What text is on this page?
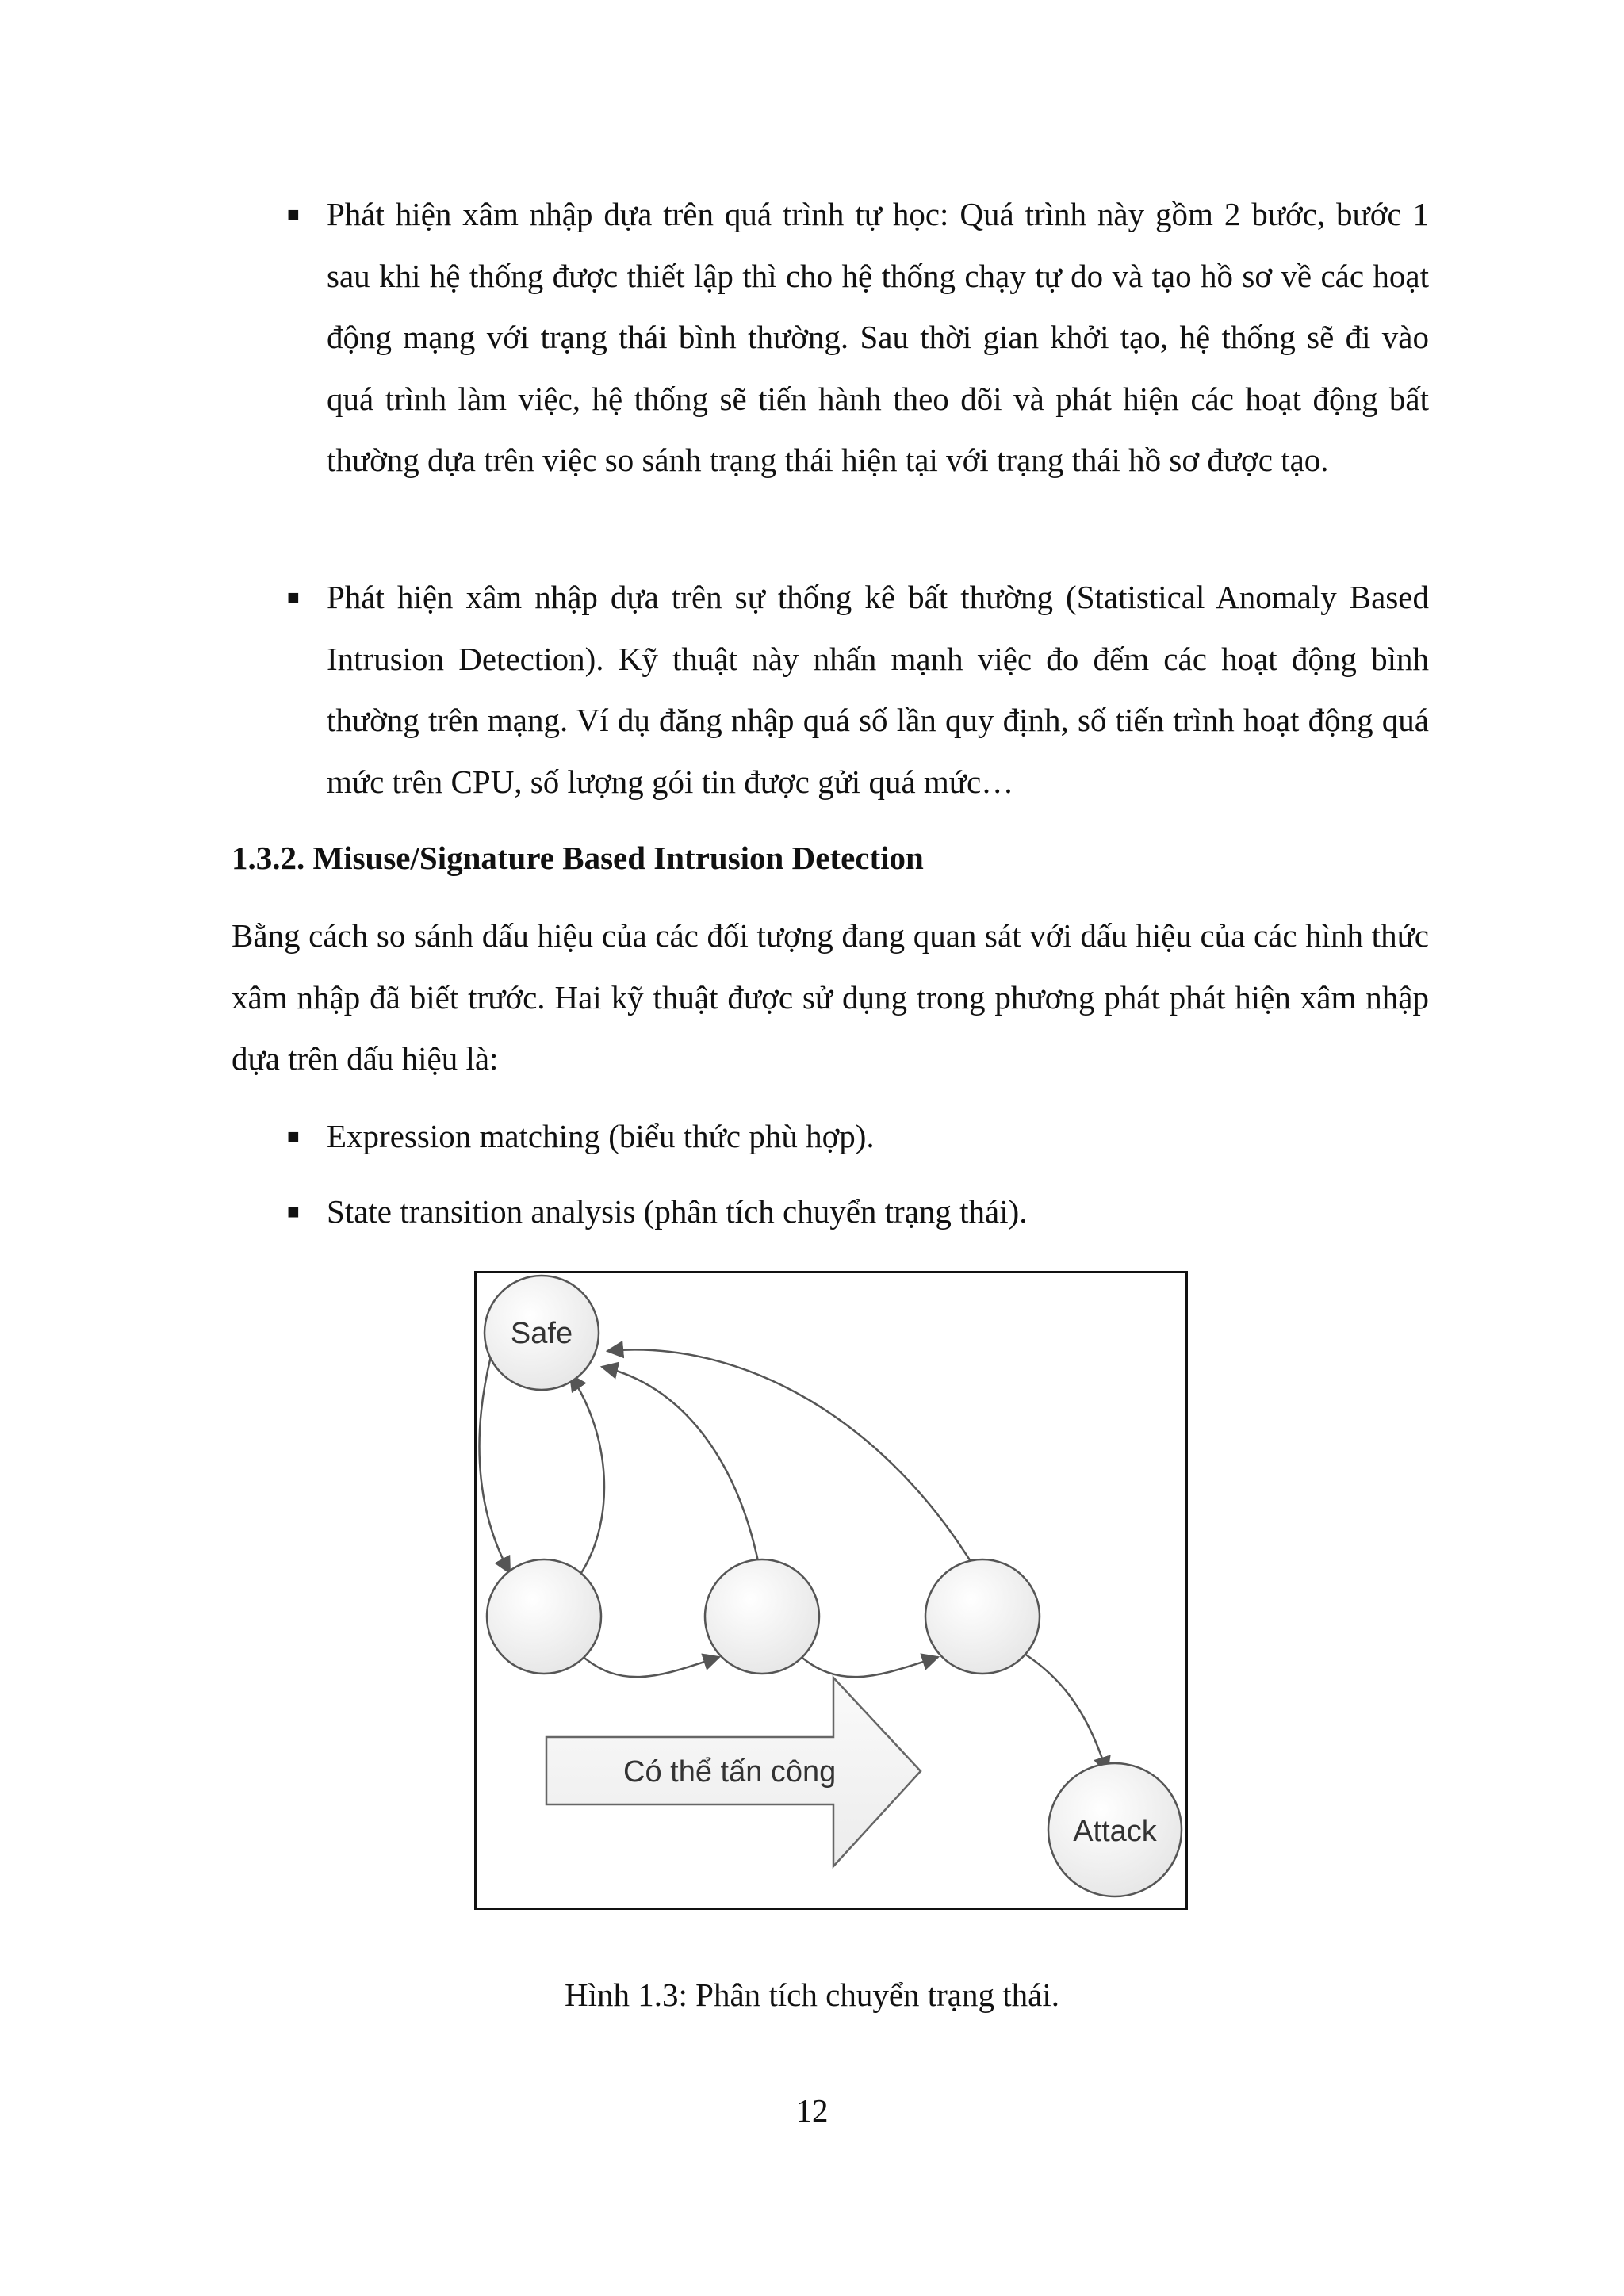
■ Phát hiện xâm nhập dựa trên quá trình tự học: Quá trình này gồm 2 bước, bước 1 sau khi hệ thống được thiết lập thì cho hệ thống chạy tự do và tạo hồ sơ về các hoạt động mạng với trạng thái bình thường. Sau thời gian khởi tạo, hệ thống sẽ đi vào quá trình làm việc, hệ thống sẽ tiến hành theo dõi và phát hiện các hoạt động bất thường dựa trên việc so sánh trạng thái hiện tại với trạng thái hồ sơ được tạo.
■ Phát hiện xâm nhập dựa trên sự thống kê bất thường (Statistical Anomaly Based Intrusion Detection). Kỹ thuật này nhấn mạnh việc đo đếm các hoạt động bình thường trên mạng. Ví dụ đăng nhập quá số lần quy định, số tiến trình hoạt động quá mức trên CPU, số lượng gói tin được gửi quá mức…
1.3.2. Misuse/Signature Based Intrusion Detection
Bằng cách so sánh dấu hiệu của các đối tượng đang quan sát với dấu hiệu của các hình thức xâm nhập đã biết trước. Hai kỹ thuật được sử dụng trong phương phát phát hiện xâm nhập dựa trên dấu hiệu là:
■ Expression matching (biểu thức phù hợp).
■ State transition analysis (phân tích chuyển trạng thái).
Có thể tấn công
Safe
Attack
Hình 1.3: Phân tích chuyển trạng thái.
12
